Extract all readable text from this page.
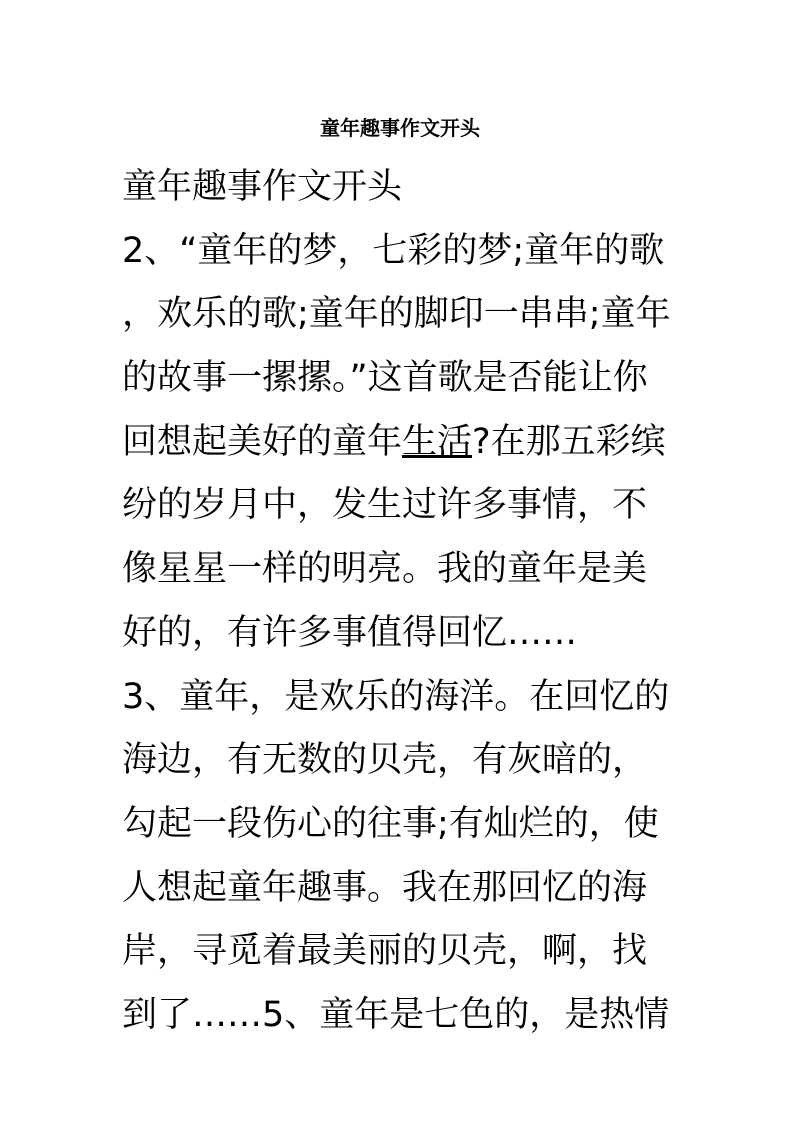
童年趣事作文开头
童年趣事作文开头
2、“童年的梦，七彩的梦;童年的歌
，欢乐的歌;童年的脚印一串串;童年
的故事一摞摞。”这首歌是否能让你
回想起美好的童年生活?在那五彩缤
纷的岁月中，发生过许多事情，不
像星星一样的明亮。我的童年是美
好的，有许多事值得回忆……
3、童年，是欢乐的海洋。在回忆的
海边，有无数的贝壳，有灰暗的，
勾起一段伤心的往事;有灿烂的，使
人想起童年趣事。我在那回忆的海
岸，寻觅着最美丽的贝壳，啊，找
到了……5、童年是七色的，是热情
